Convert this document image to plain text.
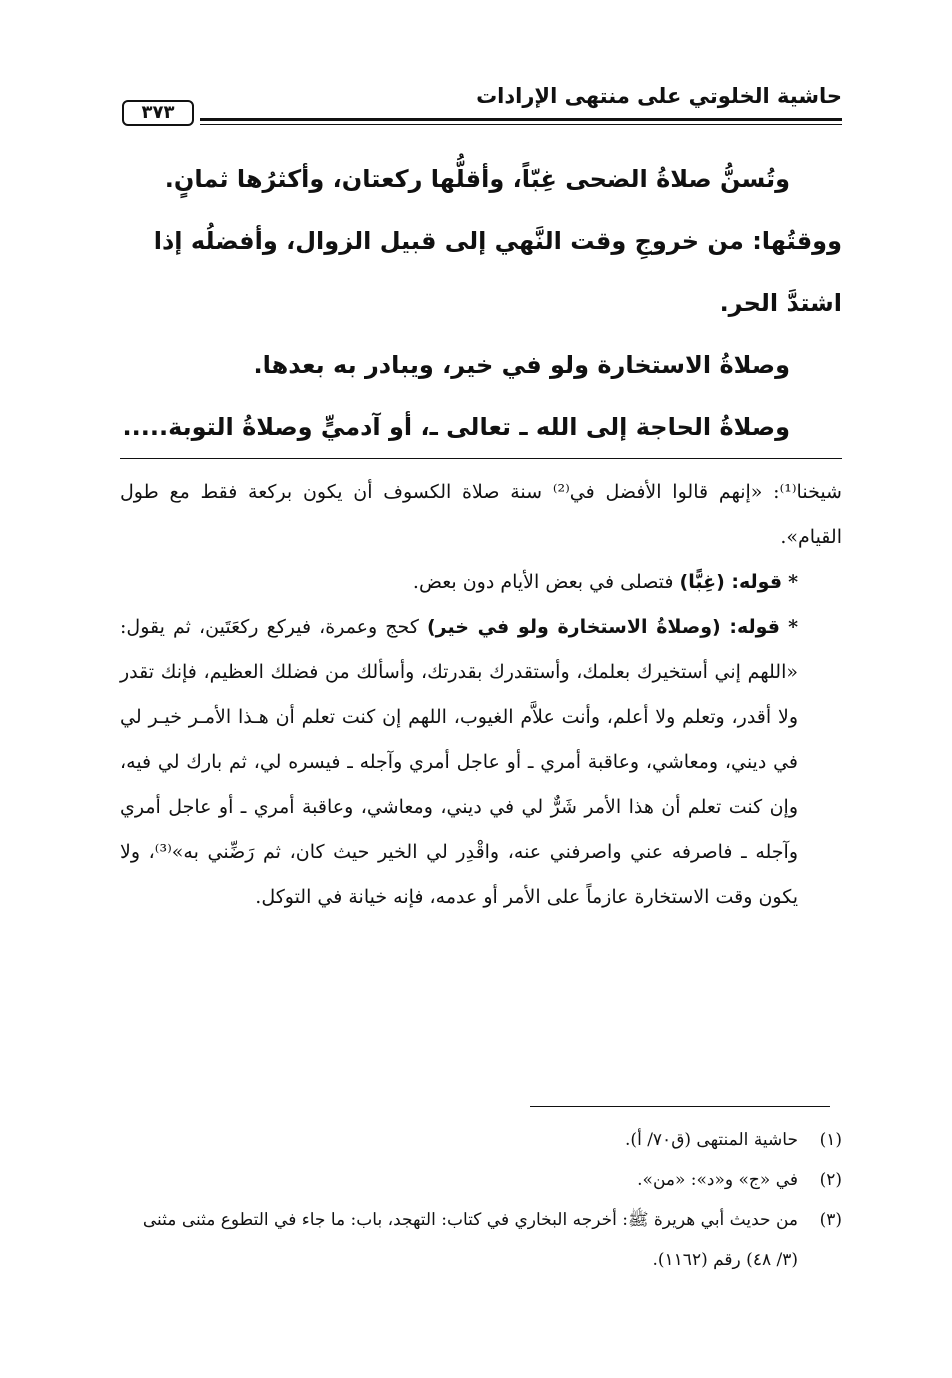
حاشية الخلوتي على منتهى الإرادات
٣٧٣

وتُسنُّ صلاةُ الضحى غِبّاً، وأقلُّها ركعتان، وأكثرُها ثمانٍ.

ووقتُها: من خروجِ وقت النَّهي إلى قبيل الزوال، وأفضلُه إذا اشتدَّ الحر.

وصلاةُ الاستخارة ولو في خير، ويبادر به بعدها.

وصلاةُ الحاجة إلى الله ـ تعالى ـ، أو آدميٍّ وصلاةُ التوبة.....

شيخنا⁽¹⁾: «إنهم قالوا الأفضل في⁽²⁾ سنة صلاة الكسوف أن يكون بركعة فقط مع طول القيام».

* قوله: (غِبًّا) فتصلى في بعض الأيام دون بعض.

* قوله: (وصلاةُ الاستخارة ولو في خير) كحج وعمرة، فيركع ركعَتَين، ثم يقول: «اللهم إني أستخيرك بعلمك، وأستقدرك بقدرتك، وأسألك من فضلك العظيم، فإنك تقدر ولا أقدر، وتعلم ولا أعلم، وأنت علاَّم الغيوب، اللهم إن كنت تعلم أن هـذا الأمـر خيـر لي في ديني، ومعاشي، وعاقبة أمري ـ أو عاجل أمري وآجله ـ فيسره لي، ثم بارك لي فيه، وإن كنت تعلم أن هذا الأمر شَرٌّ لي في ديني، ومعاشي، وعاقبة أمري ـ أو عاجل أمري وآجله ـ فاصرفه عني واصرفني عنه، واقْدِر لي الخير حيث كان، ثم رَضِّني به»⁽³⁾، ولا يكون وقت الاستخارة عازماً على الأمر أو عدمه، فإنه خيانة في التوكل.

(١)
حاشية المنتهى (ق٧٠/ أ).
(٢)
في «ج» و«د»: «من».
(٣)
من حديث أبي هريرة ﷺ: أخرجه البخاري في كتاب: التهجد، باب: ما جاء في التطوع مثنى مثنى (٣/ ٤٨) رقم (١١٦٢).
